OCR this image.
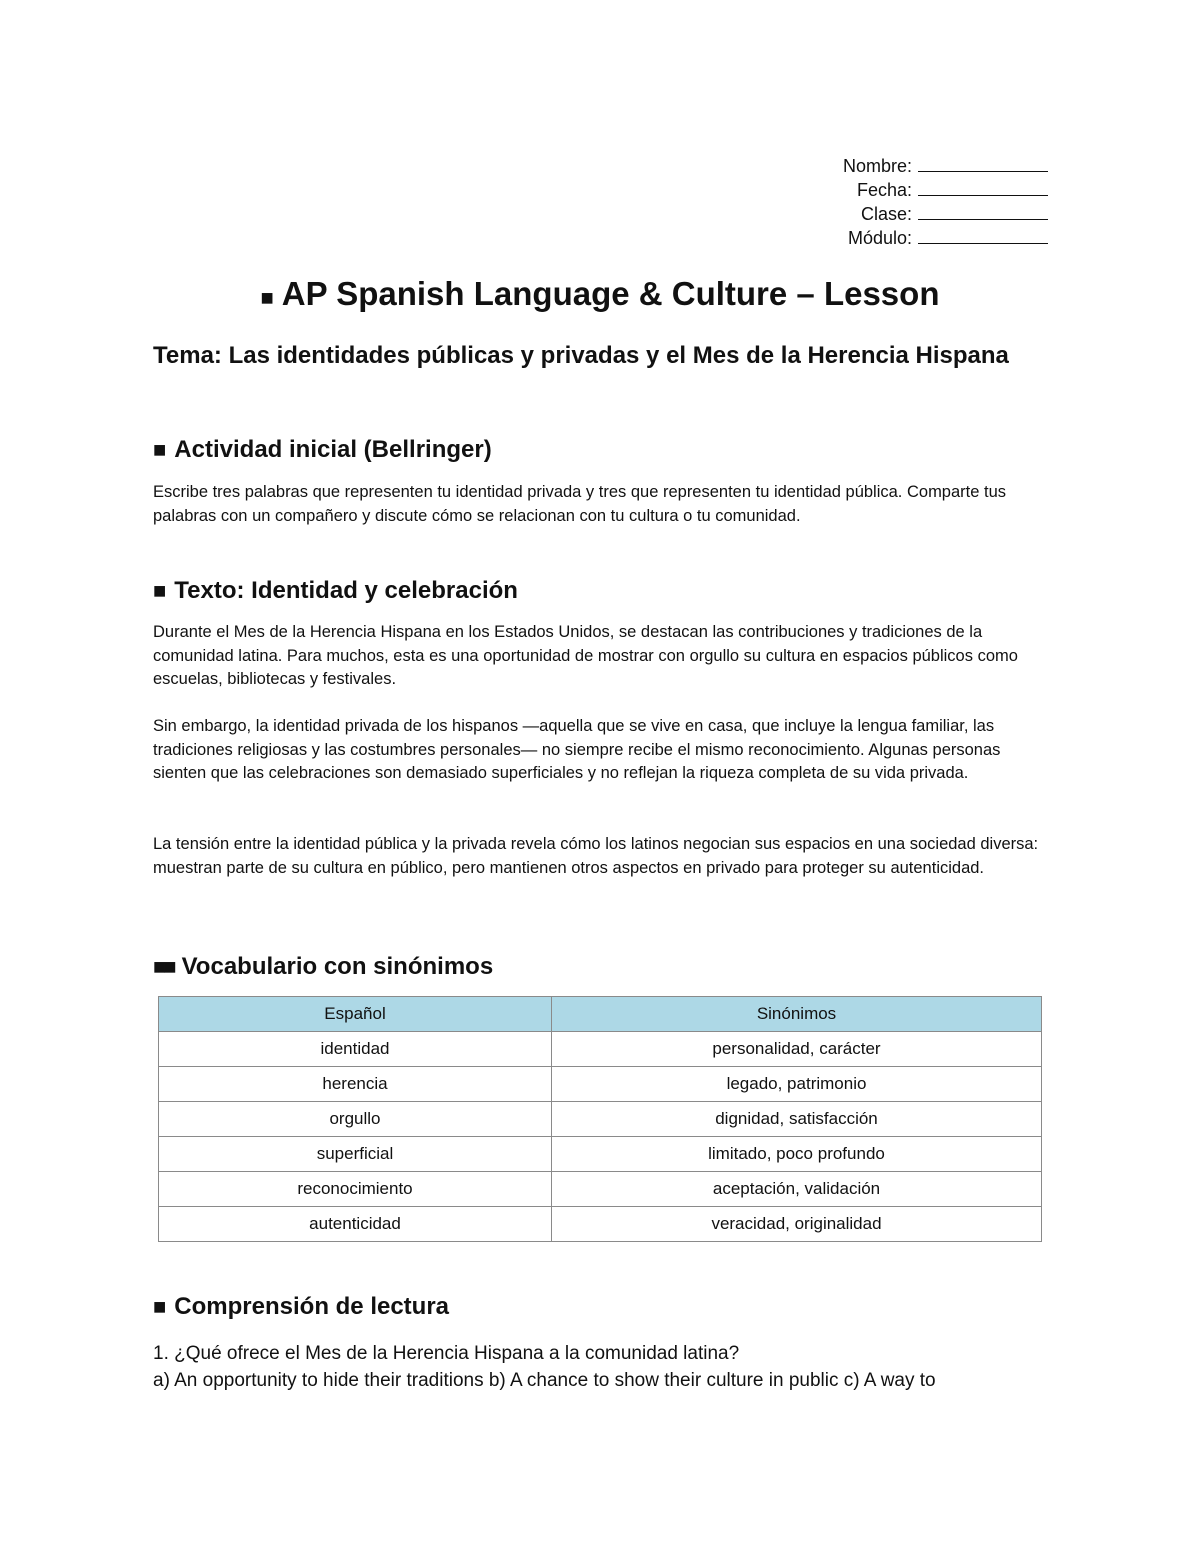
Nombre:
Fecha:
Clase:
Módulo:
■ AP Spanish Language & Culture – Lesson
Tema: Las identidades públicas y privadas y el Mes de la Herencia Hispana
■ Actividad inicial (Bellringer)

Escribe tres palabras que representen tu identidad privada y tres que representen tu identidad pública. Comparte tus palabras con un compañero y discute cómo se relacionan con tu cultura o tu comunidad.

■ Texto: Identidad y celebración

Durante el Mes de la Herencia Hispana en los Estados Unidos, se destacan las contribuciones y tradiciones de la comunidad latina. Para muchos, esta es una oportunidad de mostrar con orgullo su cultura en espacios públicos como escuelas, bibliotecas y festivales.

Sin embargo, la identidad privada de los hispanos —aquella que se vive en casa, que incluye la lengua familiar, las tradiciones religiosas y las costumbres personales— no siempre recibe el mismo reconocimiento. Algunas personas sienten que las celebraciones son demasiado superficiales y no reflejan la riqueza completa de su vida privada.

La tensión entre la identidad pública y la privada revela cómo los latinos negocian sus espacios en una sociedad diversa: muestran parte de su cultura en público, pero mantienen otros aspectos en privado para proteger su autenticidad.

■■ Vocabulario con sinónimos
Español	Sinónimos
identidad	personalidad, carácter
herencia	legado, patrimonio
orgullo	dignidad, satisfacción
superficial	limitado, poco profundo
reconocimiento	aceptación, validación
autenticidad	veracidad, originalidad
■ Comprensión de lectura

1. ¿Qué ofrece el Mes de la Herencia Hispana a la comunidad latina?

a) An opportunity to hide their traditions b) A chance to show their culture in public c) A way to
